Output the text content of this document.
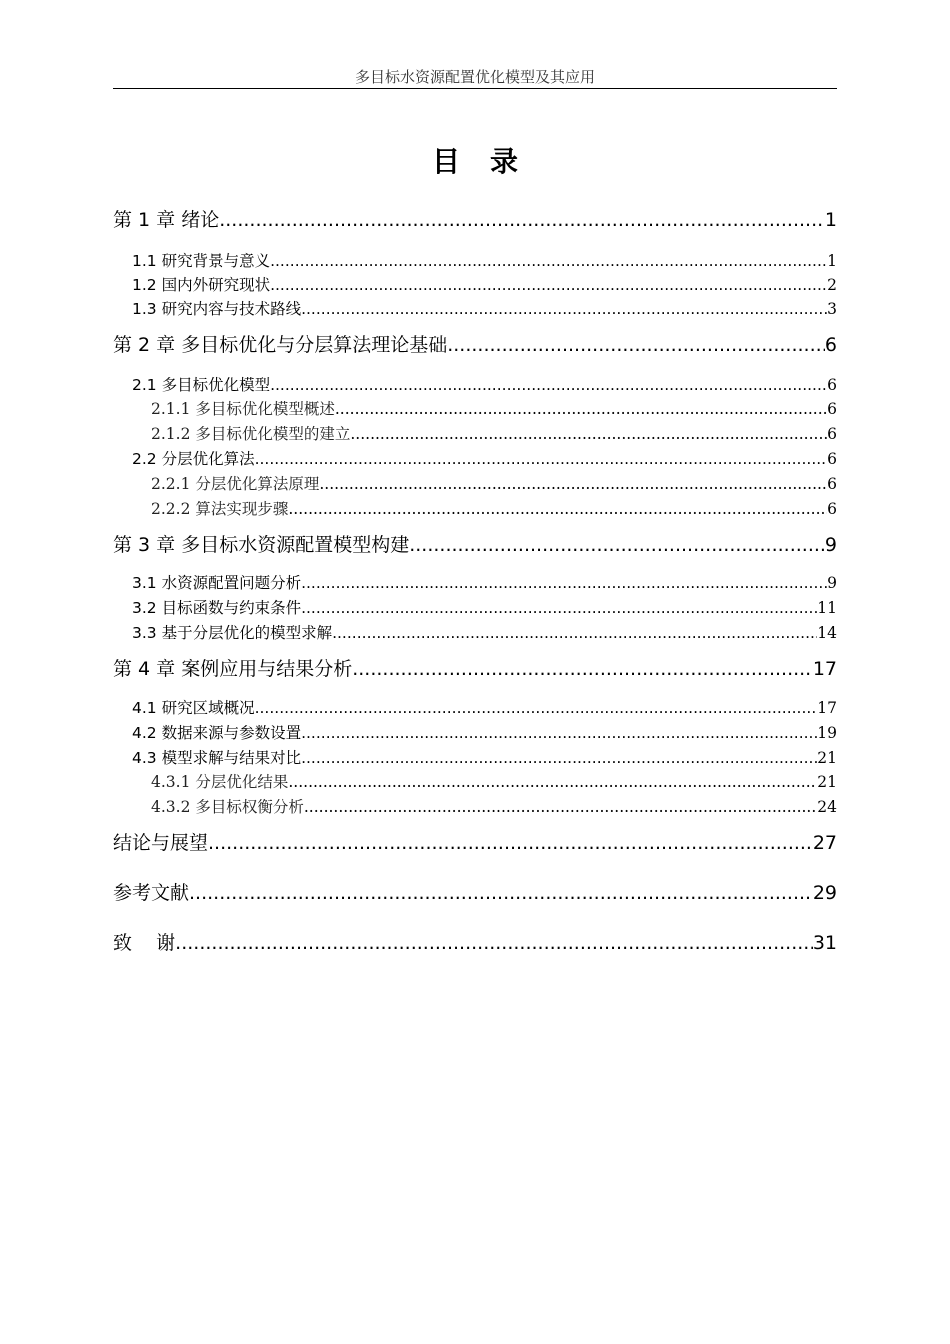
多目标水资源配置优化模型及其应用
目录
第 1 章 绪论 .....	1
1.1 研究背景与意义 .....	1
1.2 国内外研究现状 .....	2
1.3 研究内容与技术路线 .....	3
第 2 章 多目标优化与分层算法理论基础 .....	6
2.1 多目标优化模型 .....	6
2.1.1 多目标优化模型概述 .....	6
2.1.2 多目标优化模型的建立 .....	6
2.2 分层优化算法 .....	6
2.2.1 分层优化算法原理 .....	6
2.2.2 算法实现步骤 .....	6
第 3 章 多目标水资源配置模型构建 .....	9
3.1 水资源配置问题分析 .....	9
3.2 目标函数与约束条件 .....	11
3.3 基于分层优化的模型求解 .....	14
第 4 章 案例应用与结果分析 .....	17
4.1 研究区域概况 .....	17
4.2 数据来源与参数设置 .....	19
4.3 模型求解与结果对比 .....	21
4.3.1 分层优化结果 .....	21
4.3.2 多目标权衡分析 .....	24
结论与展望 .....	27
参考文献 .....	29
致    谢 .....	31
